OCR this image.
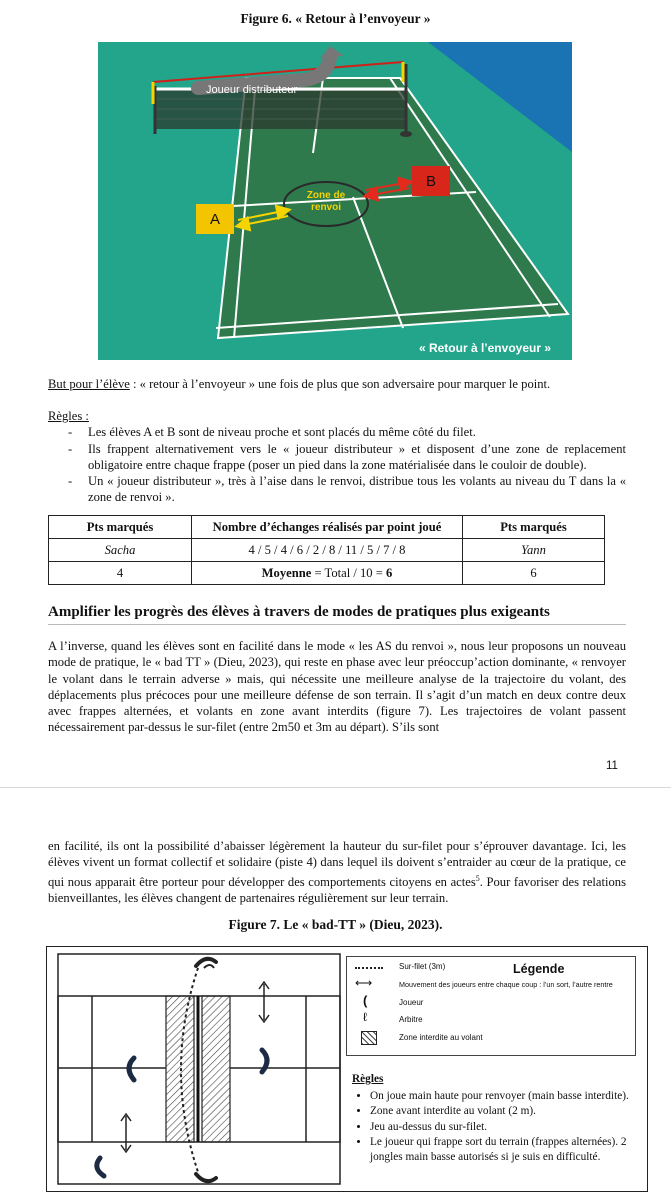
Figure 6. « Retour à l’envoyeur »
Joueur distributeur
Zone de
renvoi
A
B
« Retour à l’envoyeur »
But pour l’élève : « retour à l’envoyeur » une fois de plus que son adversaire pour marquer le point.
Règles :
- Les élèves A et B sont de niveau proche et sont placés du même côté du filet.
- Ils frappent alternativement vers le « joueur distributeur » et disposent d’une zone de replacement obligatoire entre chaque frappe (poser un pied dans la zone matérialisée dans le couloir de double).
- Un « joueur distributeur », très à l’aise dans le renvoi, distribue tous les volants au niveau du T dans la « zone de renvoi ».
Pts marqués	Nombre d’échanges réalisés par point joué	Pts marqués
Sacha	4 / 5 / 4 / 6 / 2 / 8 / 11 / 5 / 7 / 8	Yann
4	Moyenne = Total / 10 = 6	6
Amplifier les progrès des élèves à travers de modes de pratiques plus exigeants
A l’inverse, quand les élèves sont en facilité dans le mode « les AS du renvoi », nous leur proposons un nouveau mode de pratique, le « bad TT » (Dieu, 2023), qui reste en phase avec leur préoccup’action dominante, « renvoyer le volant dans le terrain adverse » mais, qui nécessite une meilleure analyse de la trajectoire du volant, des déplacements plus précoces pour une meilleure défense de son terrain. Il s’agit d’un match en deux contre deux avec frappes alternées, et volants en zone avant interdits (figure 7). Les trajectoires de volant passent nécessairement par-dessus le sur-filet (entre 2m50 et 3m au départ). S’ils sont
11
en facilité, ils ont la possibilité d’abaisser légèrement la hauteur du sur-filet pour s’éprouver davantage. Ici, les élèves vivent un format collectif et solidaire (piste 4) dans lequel ils doivent s’entraider au cœur de la pratique, ce qui nous apparait être porteur pour développer des comportements citoyens en actes$^5$. Pour favoriser des relations bienveillantes, les élèves changent de partenaires régulièrement sur leur terrain.
Figure 7. Le « bad-TT » (Dieu, 2023).
Légende
Sur-filet (3m)
⟷	Mouvement des joueurs entre chaque coup : l’un sort, l’autre rentre
(	Joueur
ℓ	Arbitre
Zone interdite au volant
Règles
• On joue main haute pour renvoyer (main basse interdite).
• Zone avant interdite au volant (2 m).
• Jeu au-dessus du sur-filet.
• Le joueur qui frappe sort du terrain (frappes alternées). 2 jongles main basse autorisés si je suis en difficulté.
